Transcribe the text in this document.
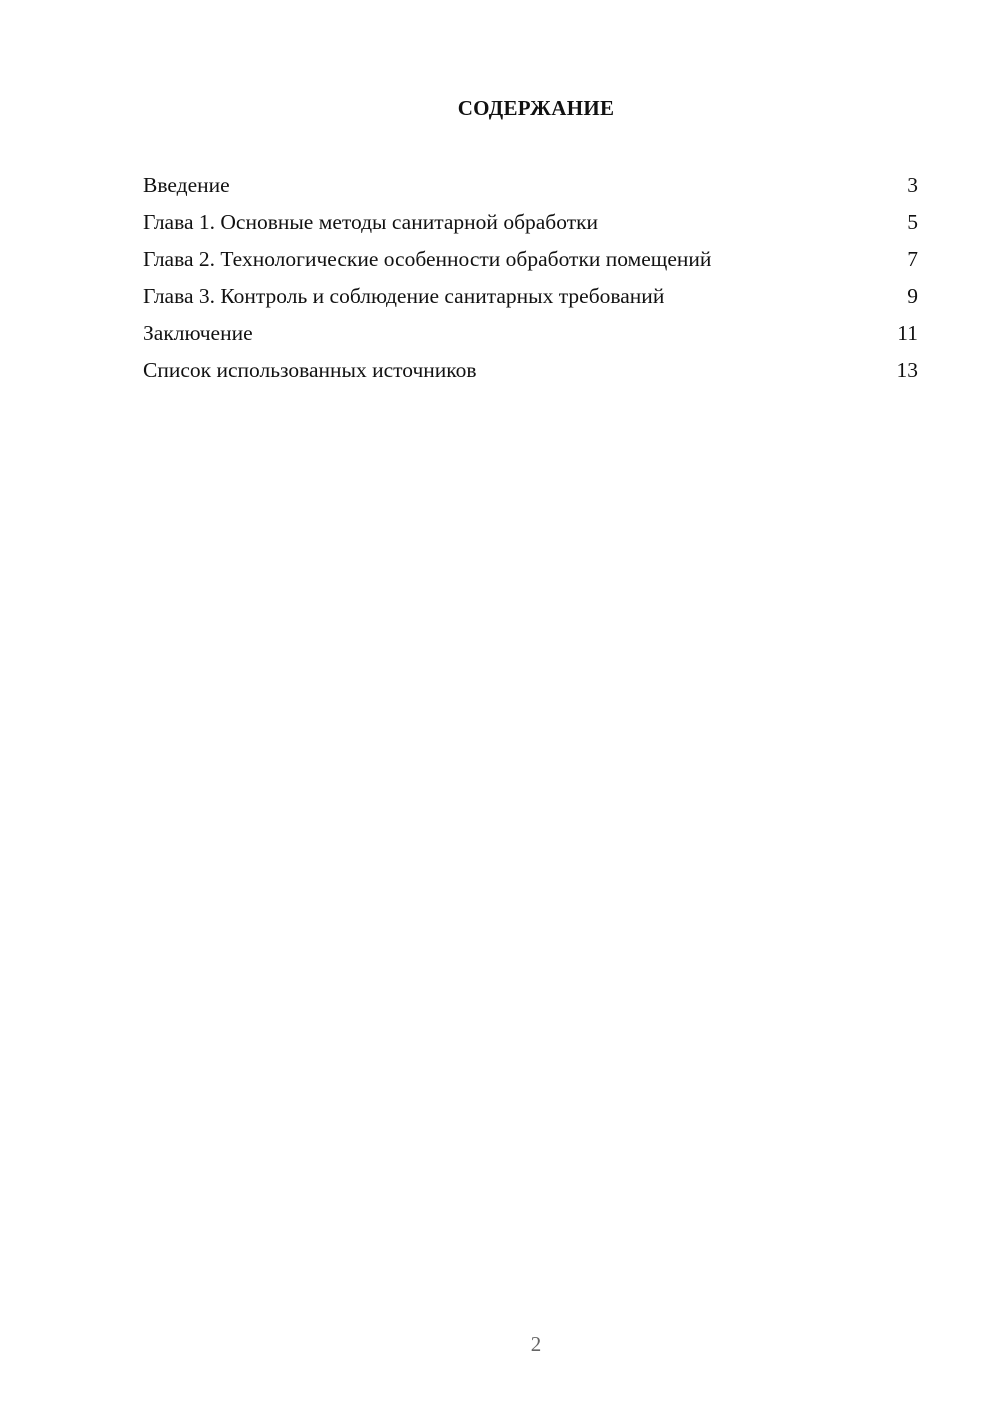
СОДЕРЖАНИЕ
Введение	3
Глава 1. Основные методы санитарной обработки	5
Глава 2. Технологические особенности обработки помещений	7
Глава 3. Контроль и соблюдение санитарных требований	9
Заключение	11
Список использованных источников	13
2
